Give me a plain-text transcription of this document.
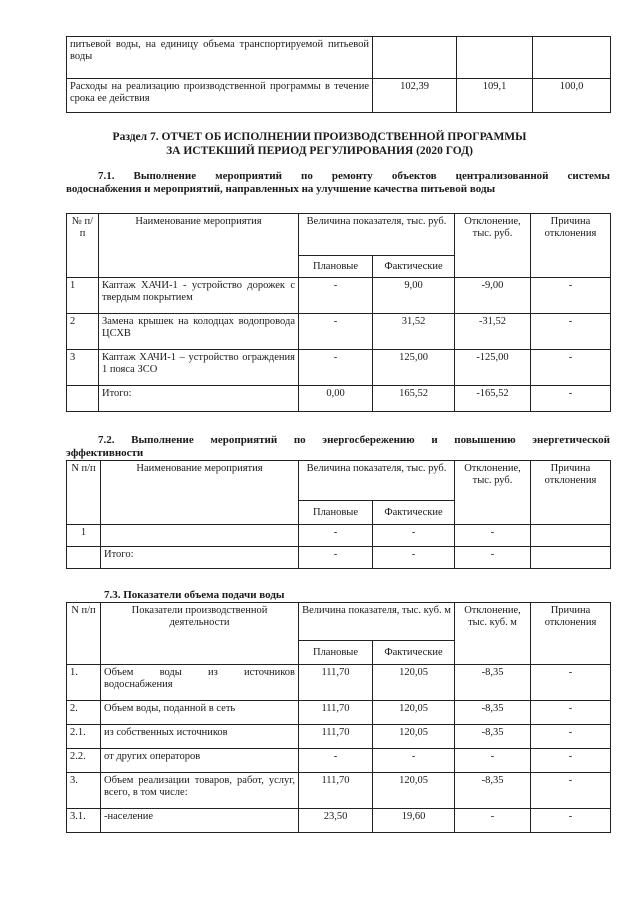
питьевой воды, на единицу объема транспортируемой питьевой воды			
Расходы на реализацию производственной программы в течение срока ее действия	102,39	109,1	100,0
Раздел 7. ОТЧЕТ ОБ ИСПОЛНЕНИИ ПРОИЗВОДСТВЕННОЙ ПРОГРАММЫ
ЗА ИСТЕКШИЙ ПЕРИОД РЕГУЛИРОВАНИЯ (2020 ГОД)
7.1. Выполнение мероприятий по ремонту объектов централизованной системы
водоснабжения и мероприятий, направленных на улучшение качества питьевой воды
№ п/п	Наименование мероприятия	Величина показателя, тыс. руб.		Отклонение, тыс. руб.	Причина отклонения
		Плановые	Фактические		
1	Каптаж ХАЧИ-1 - устройство дорожек с твердым покрытием	-	9,00	-9,00	-
2	Замена крышек на колодцах водопровода ЦСХВ	-	31,52	-31,52	-
3	Каптаж ХАЧИ-1 – устройство ограждения 1 пояса ЗСО	-	125,00	-125,00	-
	Итого:	0,00	165,52	-165,52	-
7.2. Выполнение мероприятий по энергосбережению и повышению энергетической
эффективности
N п/п	Наименование мероприятия	Величина показателя, тыс. руб.		Отклонение, тыс. руб.	Причина отклонения
		Плановые	Фактические		
1		-	-	-	
	Итого:	-	-	-	
7.3. Показатели объема подачи воды
N п/п	Показатели производственной деятельности	Величина показателя, тыс. куб. м		Отклонение, тыс. куб. м	Причина отклонения
		Плановые	Фактические		
1.	Объем воды из источников водоснабжения	111,70	120,05	-8,35	-
2.	Объем воды, поданной в сеть	111,70	120,05	-8,35	-
2.1.	из собственных источников	111,70	120,05	-8,35	-
2.2.	от других операторов	-	-	-	-
3.	Объем реализации товаров, работ, услуг, всего, в том числе:	111,70	120,05	-8,35	-
3.1.	-население	23,50	19,60	-	-
